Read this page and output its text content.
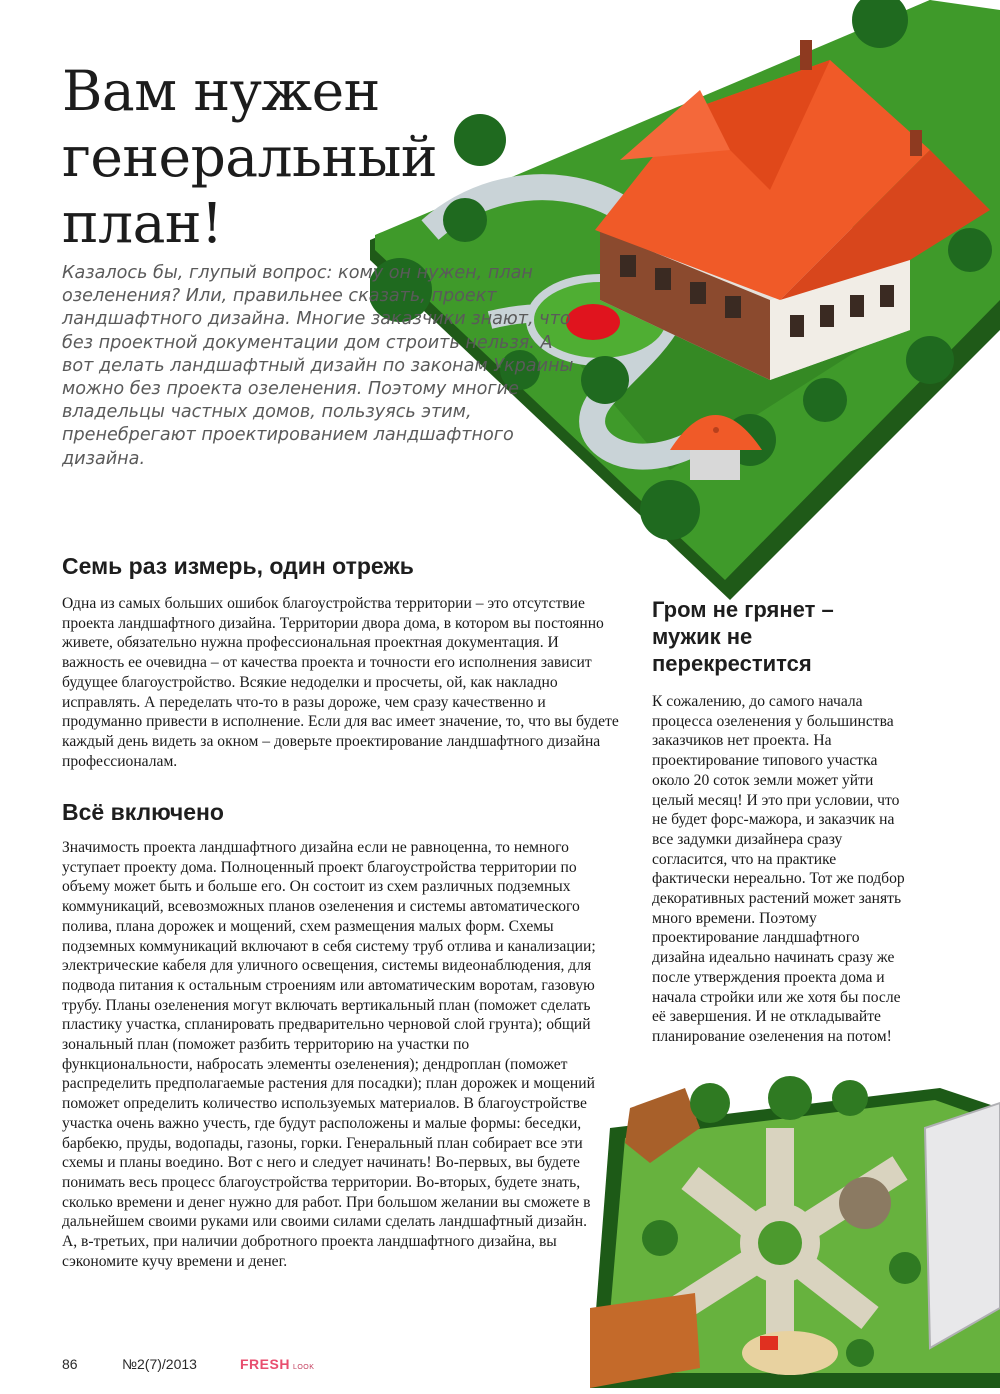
Вам нужен генеральный план!

Казалось бы, глупый вопрос: кому он нужен, план озеленения? Или, правильнее сказать, проект ландшафтного дизайна. Многие заказчики знают, что без проектной документации дом строить нельзя. А вот делать ландшафтный дизайн по законам Украины можно без проекта озеленения. Поэтому многие владельцы частных домов, пользуясь этим, пренебрегают проектированием ландшафтного дизайна.

Семь раз измерь, один отрежь

Одна из самых больших ошибок благоустройства территории – это отсутствие проекта ландшафтного дизайна. Территории двора дома, в котором вы постоянно живете, обязательно нужна профессиональная проектная документация. И важность ее очевидна – от качества проекта и точности его исполнения зависит будущее благоустройство. Всякие недоделки и просчеты, ой, как накладно исправлять. А переделать что-то в разы дороже, чем сразу качественно и продуманно привести в исполнение. Если для вас имеет значение, то, что вы будете каждый день видеть за окном – доверьте проектирование ландшафтного дизайна профессионалам.

Всё включено

Значимость проекта ландшафтного дизайна если не равноценна, то немного уступает проекту дома. Полноценный проект благоустройства территории по объему может быть и больше его. Он состоит из схем различных подземных коммуникаций, всевозможных планов озеленения и системы автоматического полива, плана дорожек и мощений, схем размещения малых форм. Схемы подземных коммуникаций включают в себя систему труб отлива и канализации; электрические кабеля для уличного освещения, системы видеонаблюдения, для подвода питания к остальным строениям или автоматическим воротам, газовую трубу. Планы озеленения могут включать вертикальный план (поможет сделать пластику участка, спланировать предварительно черновой слой грунта); общий зональный план (поможет разбить территорию на участки по функциональности, набросать элементы озеленения); дендроплан (поможет распределить предполагаемые растения для посадки); план дорожек и мощений поможет определить количество используемых материалов. В благоустройстве участка очень важно учесть, где будут расположены и малые формы: беседки, барбекю, пруды, водопады, газоны, горки. Генеральный план собирает все эти схемы и планы воедино. Вот с него и следует начинать! Во-первых, вы будете понимать весь процесс благоустройства территории. Во-вторых, будете знать, сколько времени и денег нужно для работ. При большом желании вы сможете в дальнейшем своими руками или своими силами сделать ландшафтный дизайн. А, в-третьих, при наличии добротного проекта ландшафтного дизайна, вы сэкономите кучу времени и денег.

Гром не грянет – мужик не перекрестится

К сожалению, до самого начала процесса озеленения у большинства заказчиков нет проекта. На проектирование типового участка около 20 соток земли может уйти целый месяц! И это при условии, что не будет форс-мажора, и заказчик на все задумки дизайнера сразу согласится, что на практике фактически нереально. Тот же подбор декоративных растений может занять много времени. Поэтому проектирование ландшафтного дизайна идеально начинать сразу же после утверждения проекта дома и начала стройки или же хотя бы после её завершения. И не откладывайте планирование озеленения на потом!

86	№2(7)/2013	FRESH LOOK
